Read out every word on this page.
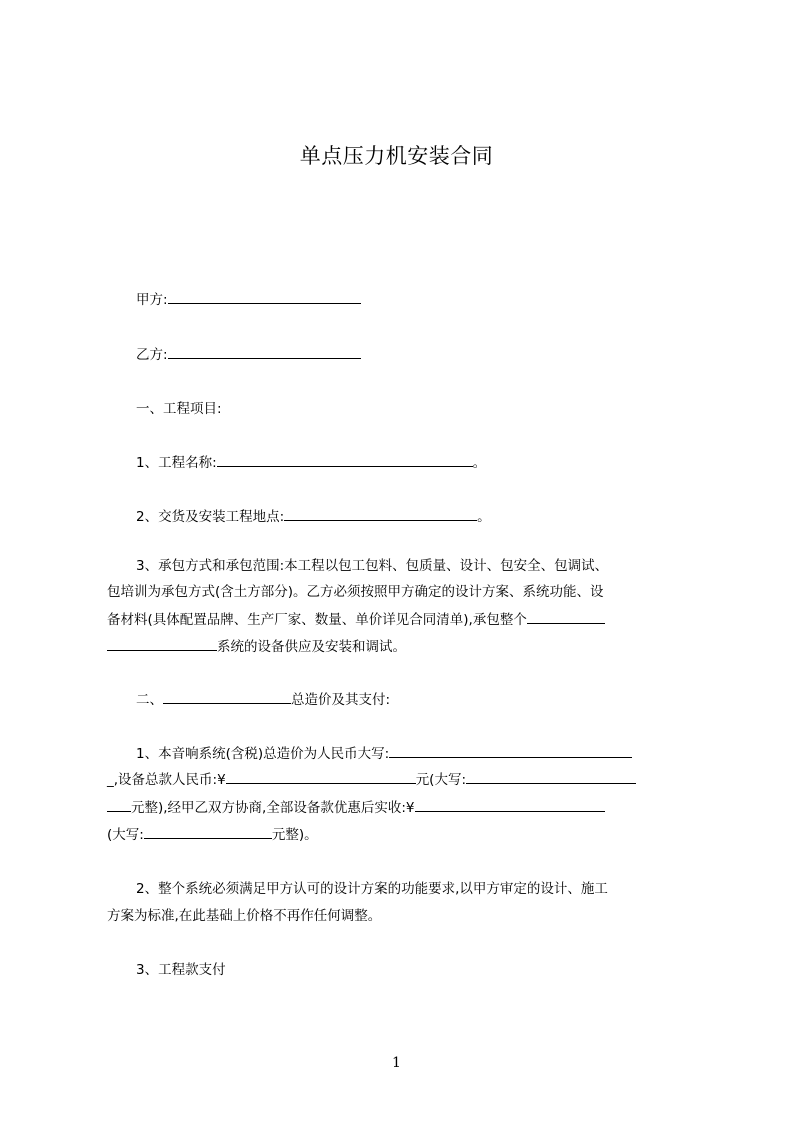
单点压力机安装合同
甲方:
乙方:
一、工程项目:
1、工程名称:	。
2、交货及安装工程地点:	。
3、承包方式和承包范围:本工程以包工包料、包质量、设计、包安全、包调试、
包培训为承包方式(含土方部分)。乙方必须按照甲方确定的设计方案、系统功能、设
备材料(具体配置品牌、生产厂家、数量、单价详见合同清单),承包整个
系统的设备供应及安装和调试。
二、	总造价及其支付:
1、本音响系统(含税)总造价为人民币大写:
_,设备总款人民币:¥	元(大写:
元整),经甲乙双方协商,全部设备款优惠后实收:¥
(大写:	元整)。
2、整个系统必须满足甲方认可的设计方案的功能要求,以甲方审定的设计、施工
方案为标准,在此基础上价格不再作任何调整。
3、工程款支付
1
